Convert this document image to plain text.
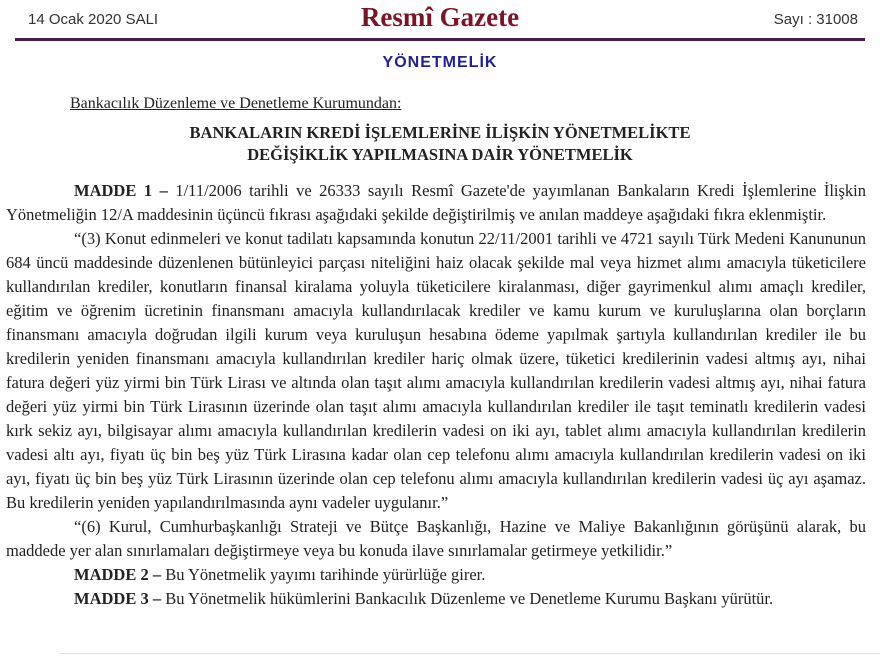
14 Ocak 2020 SALI	Resmî Gazete	Sayı : 31008
YÖNETMELİK
Bankacılık Düzenleme ve Denetleme Kurumundan:
BANKALARIN KREDİ İŞLEMLERİNE İLİŞKİN YÖNETMELİKTE
DEĞİŞİKLİK YAPILMASINA DAİR YÖNETMELİK

MADDE 1 – 1/11/2006 tarihli ve 26333 sayılı Resmî Gazete'de yayımlanan Bankaların Kredi İşlemlerine İlişkin Yönetmeliğin 12/A maddesinin üçüncü fıkrası aşağıdaki şekilde değiştirilmiş ve anılan maddeye aşağıdaki fıkra eklenmiştir.

“(3) Konut edinmeleri ve konut tadilatı kapsamında konutun 22/11/2001 tarihli ve 4721 sayılı Türk Medeni Kanununun 684 üncü maddesinde düzenlenen bütünleyici parçası niteliğini haiz olacak şekilde mal veya hizmet alımı amacıyla tüketicilere kullandırılan krediler, konutların finansal kiralama yoluyla tüketicilere kiralanması, diğer gayrimenkul alımı amaçlı krediler, eğitim ve öğrenim ücretinin finansmanı amacıyla kullandırılacak krediler ve kamu kurum ve kuruluşlarına olan borçların finansmanı amacıyla doğrudan ilgili kurum veya kuruluşun hesabına ödeme yapılmak şartıyla kullandırılan krediler ile bu kredilerin yeniden finansmanı amacıyla kullandırılan krediler hariç olmak üzere, tüketici kredilerinin vadesi altmış ayı, nihai fatura değeri yüz yirmi bin Türk Lirası ve altında olan taşıt alımı amacıyla kullandırılan kredilerin vadesi altmış ayı, nihai fatura değeri yüz yirmi bin Türk Lirasının üzerinde olan taşıt alımı amacıyla kullandırılan krediler ile taşıt teminatlı kredilerin vadesi kırk sekiz ayı, bilgisayar alımı amacıyla kullandırılan kredilerin vadesi on iki ayı, tablet alımı amacıyla kullandırılan kredilerin vadesi altı ayı, fiyatı üç bin beş yüz Türk Lirasına kadar olan cep telefonu alımı amacıyla kullandırılan kredilerin vadesi on iki ayı, fiyatı üç bin beş yüz Türk Lirasının üzerinde olan cep telefonu alımı amacıyla kullandırılan kredilerin vadesi üç ayı aşamaz. Bu kredilerin yeniden yapılandırılmasında aynı vadeler uygulanır.”

“(6) Kurul, Cumhurbaşkanlığı Strateji ve Bütçe Başkanlığı, Hazine ve Maliye Bakanlığının görüşünü alarak, bu maddede yer alan sınırlamaları değiştirmeye veya bu konuda ilave sınırlamalar getirmeye yetkilidir.”

MADDE 2 – Bu Yönetmelik yayımı tarihinde yürürlüğe girer.

MADDE 3 – Bu Yönetmelik hükümlerini Bankacılık Düzenleme ve Denetleme Kurumu Başkanı yürütür.
